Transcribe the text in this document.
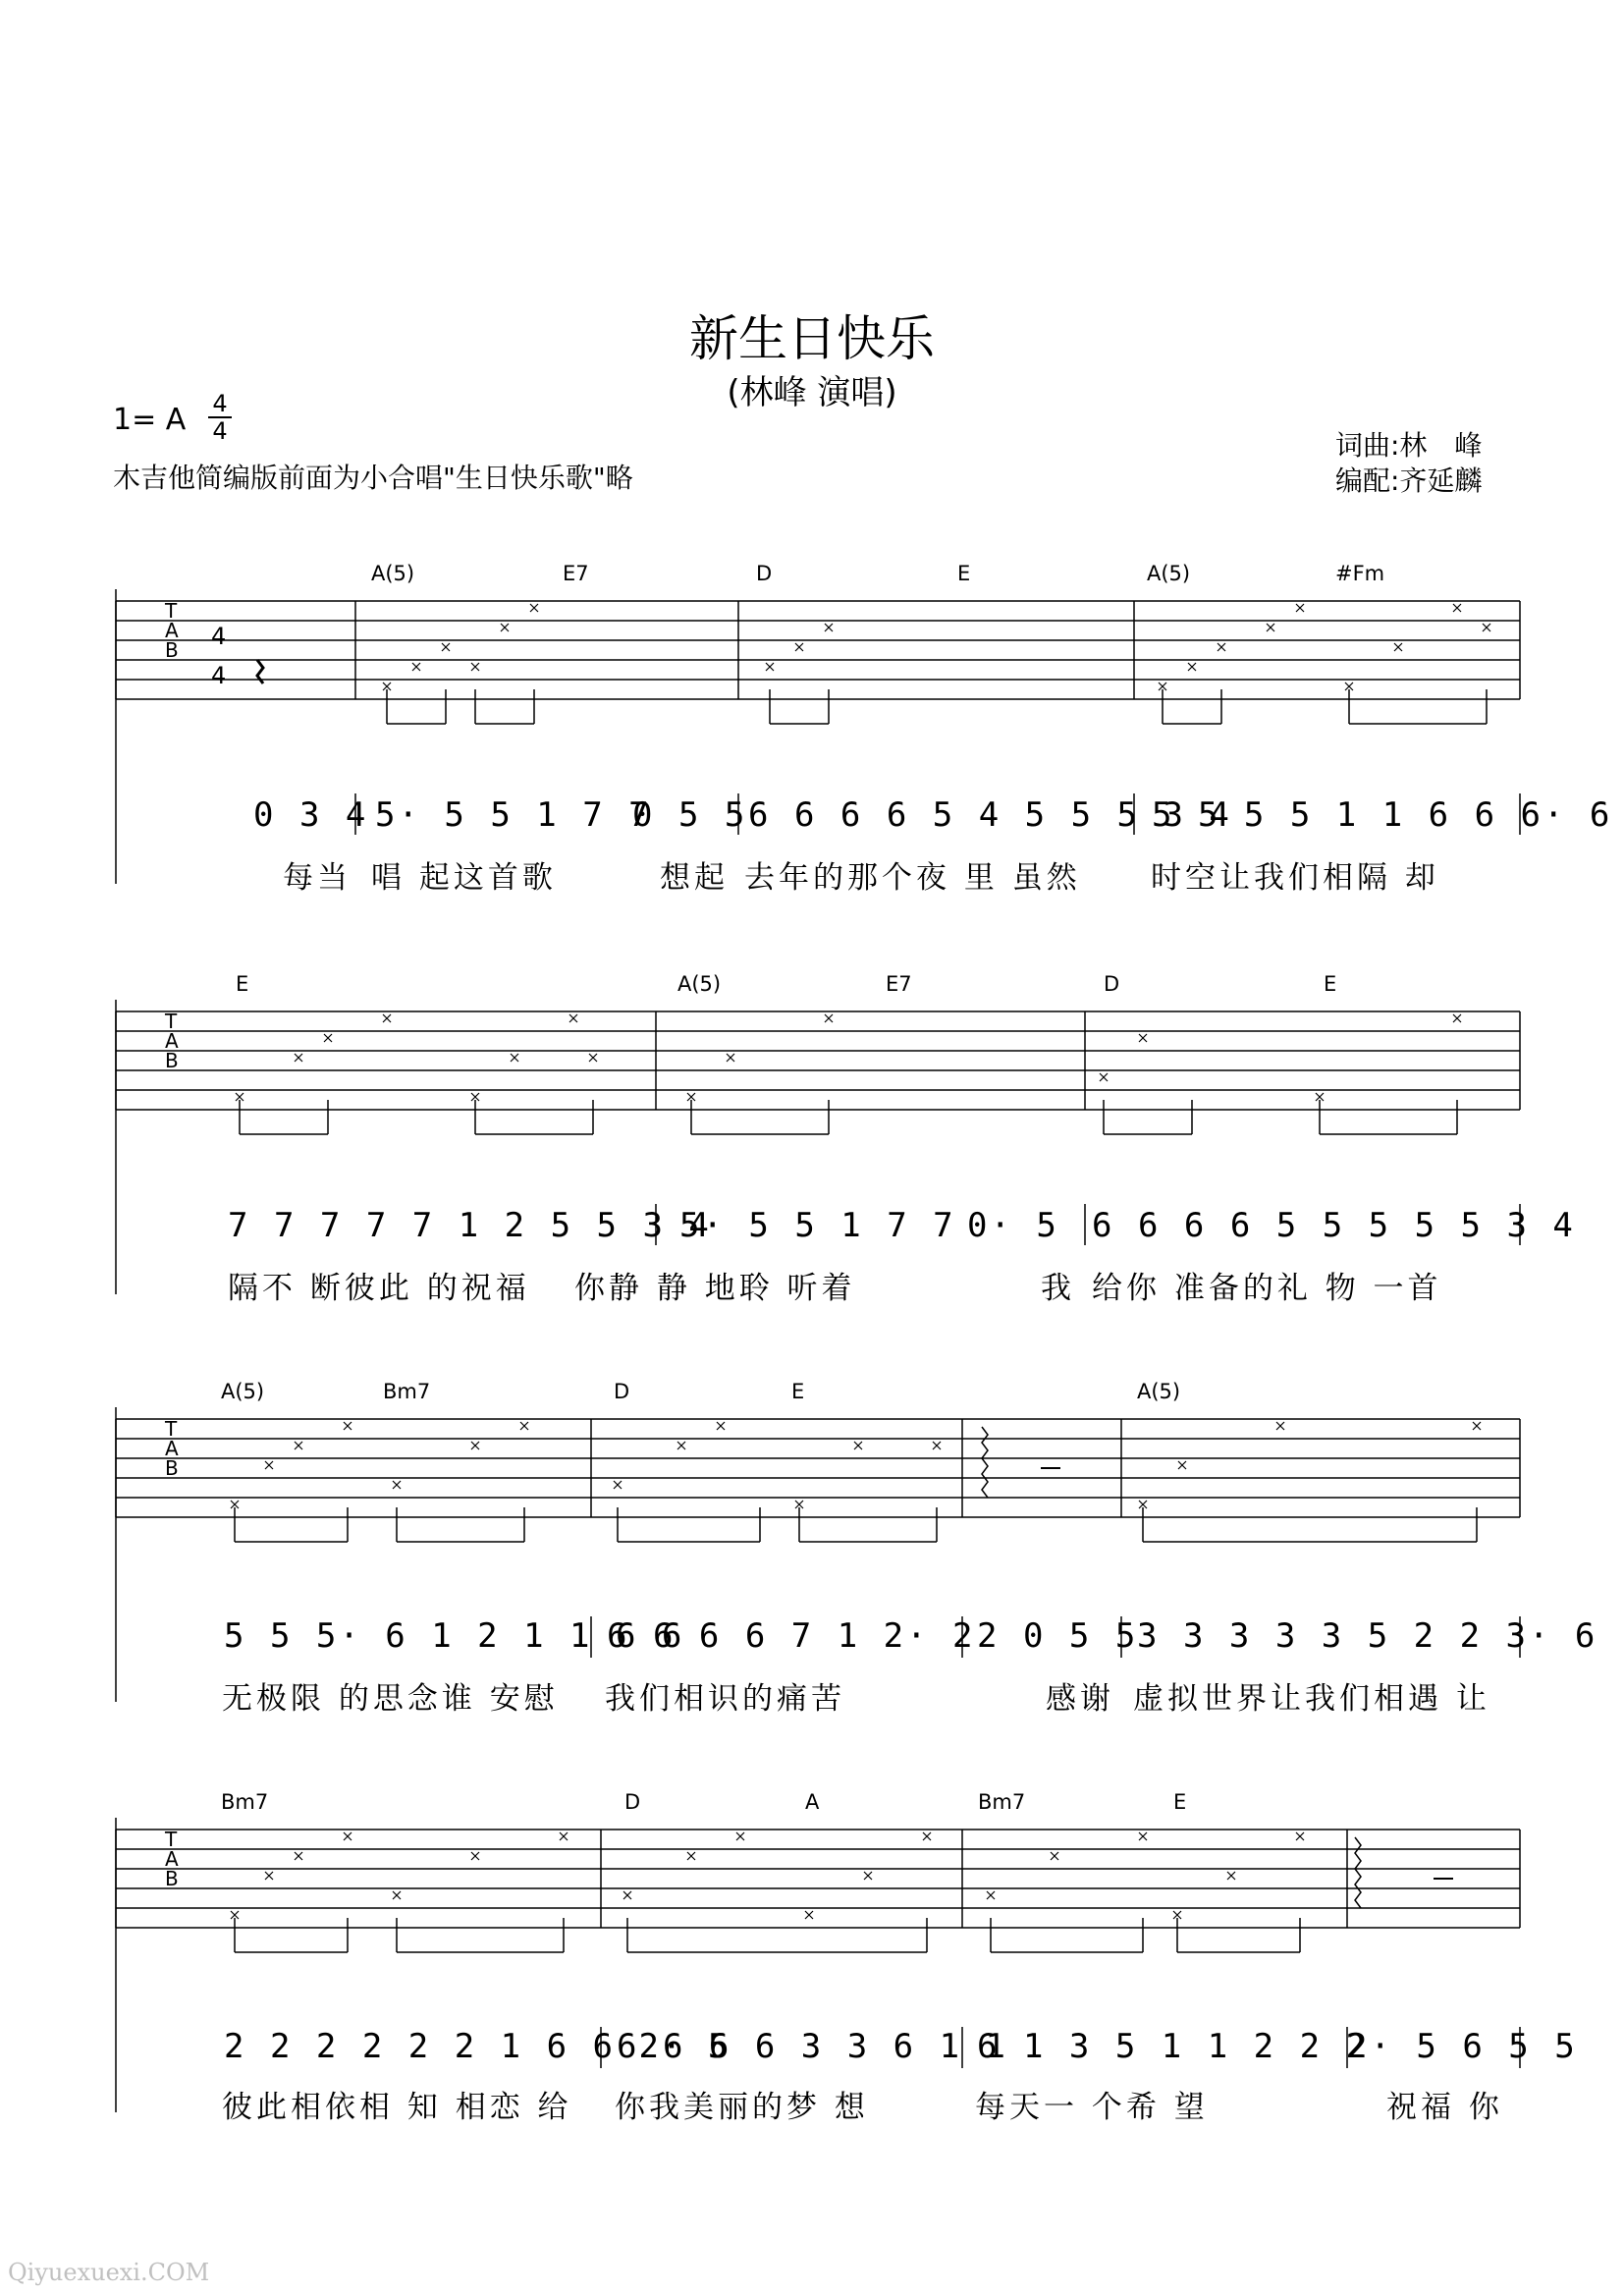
新生日快乐
(林峰 演唱)
1= A 4
4
木吉他简编版前面为小合唱"生日快乐歌"略
词曲:林　峰
编配:齐延麟
A(5)	E7	D	E	A(5)	#Fm
T
A
B 4
4
0 3 4 5· 5 5 1 7 7
0 5 5 6 6 6 6 5 4 5 5 5 3 4
5 5 5 5 1 1 6 6 6· 6
每当 唱 起这首歌	想起 去年的那个夜 里 虽然 时空让我们相隔 却
E	A(5)	E7	D	E
T
A
B
7 7 7 7 7 1 2 5 5 3 4
5· 5 5 1 7 7 0· 5 6 6 6 6 5 5 5 5 5 3 4
隔不 断彼此 的祝福 你静 静 地聆 听着	我 给你 准备的礼 物 一首
A(5)	Bm7	D	E	A(5)
T
A
B
5 5 5· 6 1 2 1 1 6 6
6 6 6 6 7 1 2· 2 2 0 5 5
3 3 3 3 3 5 2 2 3· 6
无极限 的思念谁 安慰 我们相识的痛苦	感谢 虚拟世界让我们相遇 让
Bm7	D	A	Bm7	E
T
A
B
2 2 2 2 2 2 1 6 6 2· 5
6 6 6 6 3 3 6 1 1
6 1 3 5 1 1 2 2 2
2· 5 6 5 5
彼此相依相 知 相恋 给 你我美丽的梦 想	每天一 个希 望	祝福 你
Qiyuexuexi.COM
